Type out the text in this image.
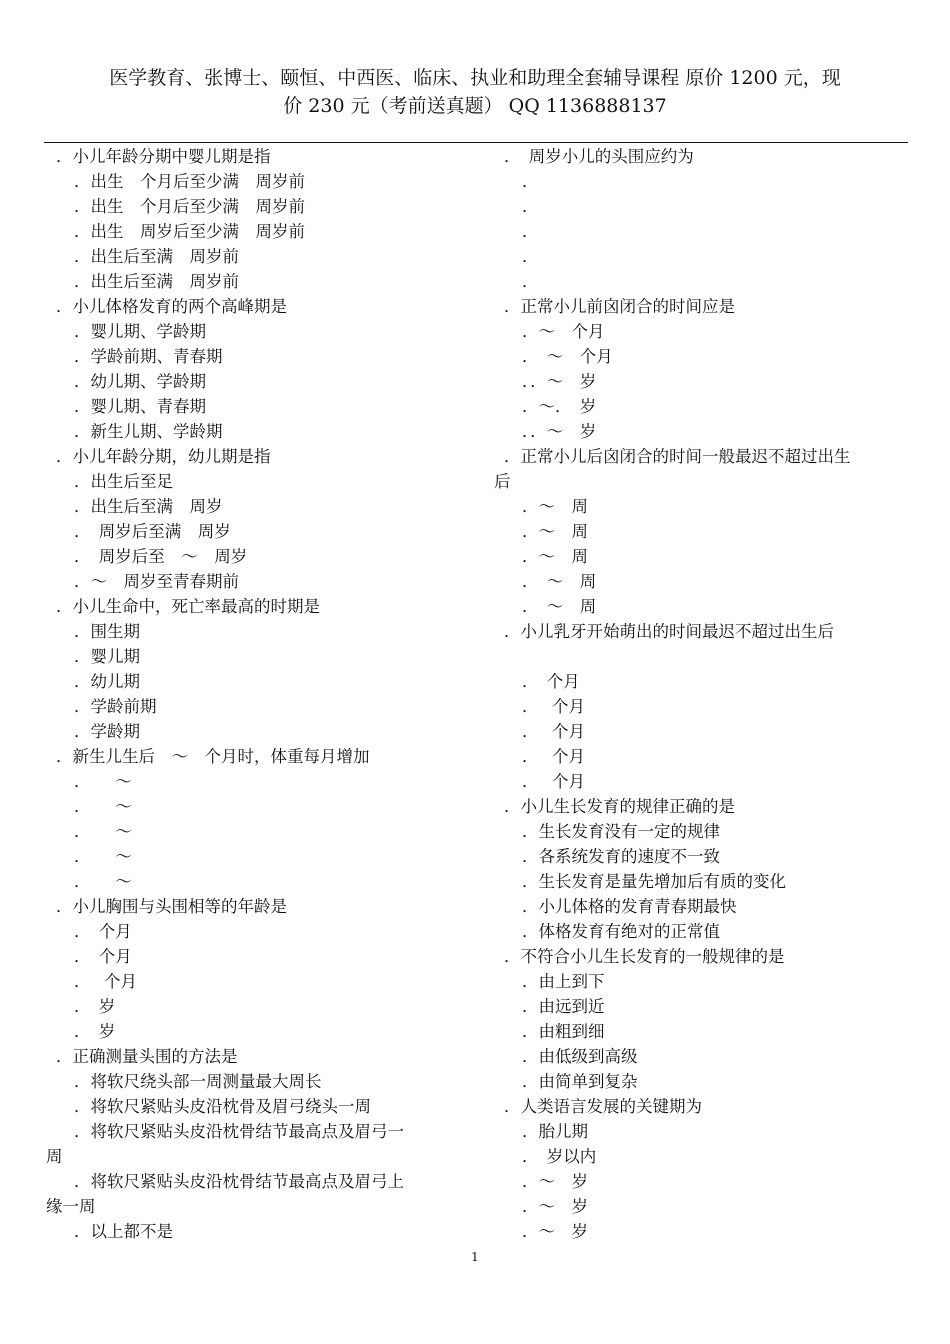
医学教育、张博士、颐恒、中西医、临床、执业和助理全套辅导课程 原价 1200 元，现
价 230 元（考前送真题） QQ 1136888137
．小儿年龄分期中婴儿期是指
．出生　个月后至少满　周岁前
．出生　个月后至少满　周岁前
．出生　周岁后至少满　周岁前
．出生后至满　周岁前
．出生后至满　周岁前
．小儿体格发育的两个高峰期是
．婴儿期、学龄期
．学龄前期、青春期
．幼儿期、学龄期
．婴儿期、青春期
．新生儿期、学龄期
．小儿年龄分期，幼儿期是指
．出生后至足
．出生后至满　周岁
．　周岁后至满　周岁
．　周岁后至　～　周岁
．～　周岁至青春期前
．小儿生命中，死亡率最高的时期是
．围生期
．婴儿期
．幼儿期
．学龄前期
．学龄期
．新生儿生后　～　个月时，体重每月增加
．　　～
．　　～
．　　～
．　　～
．　　～
．小儿胸围与头围相等的年龄是
．　个月
．　个月
．　 个月
．　岁
．　岁
．正确测量头围的方法是
．将软尺绕头部一周测量最大周长
．将软尺紧贴头皮沿枕骨及眉弓绕头一周
．将软尺紧贴头皮沿枕骨结节最高点及眉弓一
周
．将软尺紧贴头皮沿枕骨结节最高点及眉弓上
缘一周
．以上都不是
．　周岁小儿的头围应约为
．
．
．
．
．
．正常小儿前囟闭合的时间应是
．～　个月
．　～　个月
．．～　岁
．～．　岁
．．～　岁
．正常小儿后囟闭合的时间一般最迟不超过出生
后
．～　周
．～　周
．～　周
．　～　周
．　～　周
．小儿乳牙开始萌出的时间最迟不超过出生后
．　个月
．　 个月
．　 个月
．　 个月
．　 个月
．小儿生长发育的规律正确的是
．生长发育没有一定的规律
．各系统发育的速度不一致
．生长发育是量先增加后有质的变化
．小儿体格的发育青春期最快
．体格发育有绝对的正常值
．不符合小儿生长发育的一般规律的是
．由上到下
．由远到近
．由粗到细
．由低级到高级
．由简单到复杂
．人类语言发展的关键期为
．胎儿期
．　岁以内
．～　岁
．～　岁
．～　岁
1
